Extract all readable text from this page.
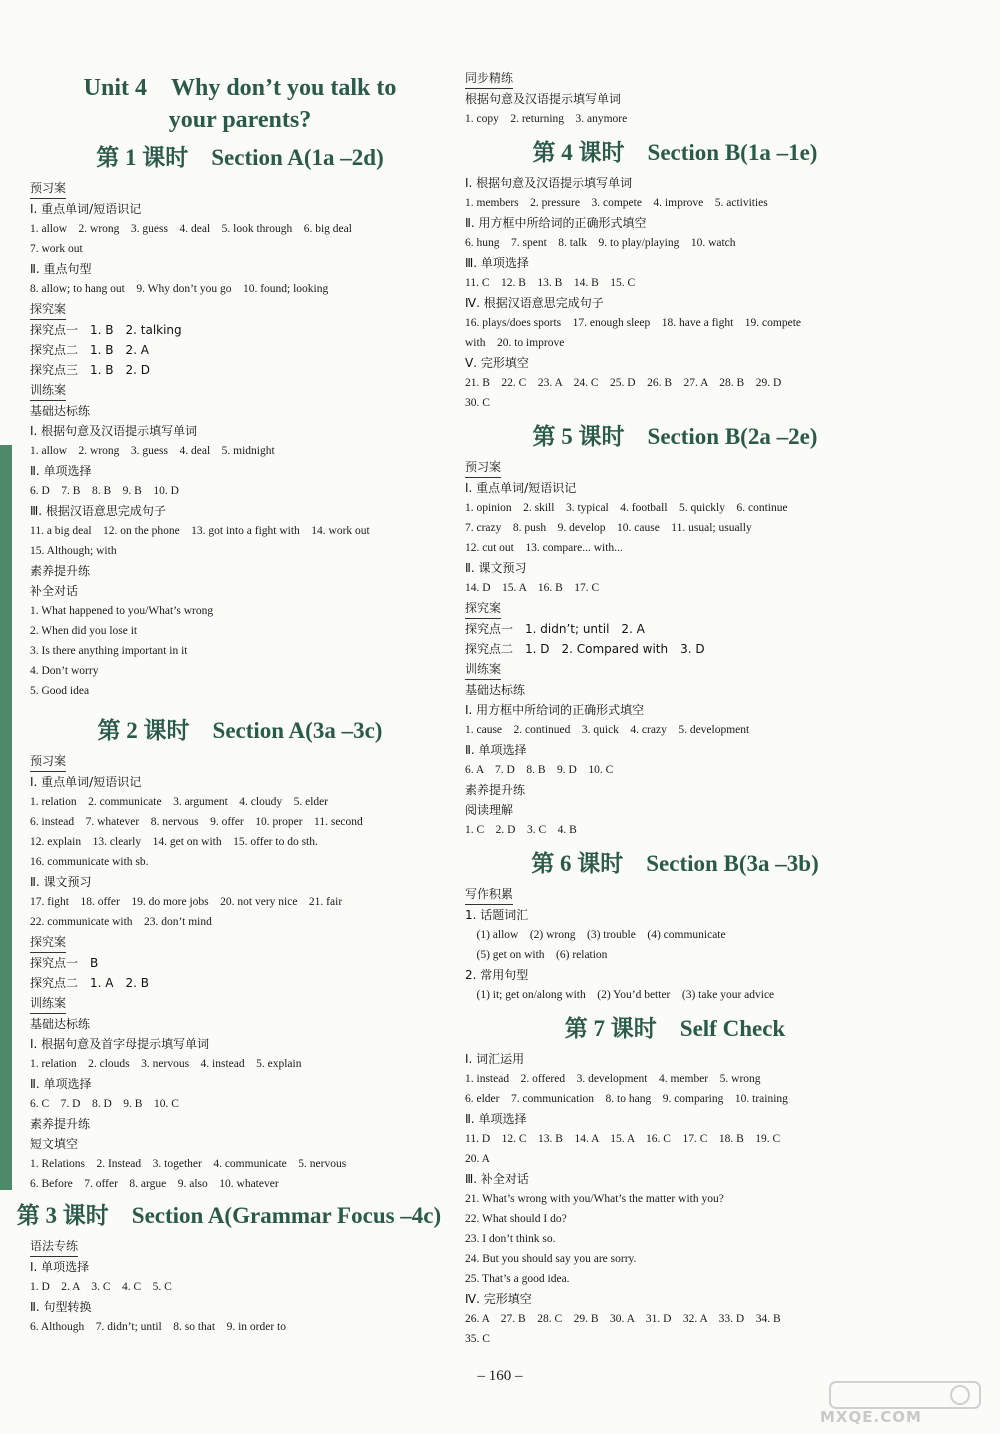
Unit 4　Why don’t you talk to
your parents?
第 1 课时　Section A(1a –2d)
预习案
Ⅰ. 重点单词/短语识记
1. allow　2. wrong　3. guess　4. deal　5. look through　6. big deal
7. work out
Ⅱ. 重点句型
8. allow; to hang out　9. Why don’t you go　10. found; looking
探究案
探究点一　1. B　2. talking
探究点二　1. B　2. A
探究点三　1. B　2. D
训练案
基础达标练
Ⅰ. 根据句意及汉语提示填写单词
1. allow　2. wrong　3. guess　4. deal　5. midnight
Ⅱ. 单项选择
6. D　7. B　8. B　9. B　10. D
Ⅲ. 根据汉语意思完成句子
11. a big deal　12. on the phone　13. got into a fight with　14. work out
15. Although; with
素养提升练
补全对话
1. What happened to you/What’s wrong
2. When did you lose it
3. Is there anything important in it
4. Don’t worry
5. Good idea
第 2 课时　Section A(3a –3c)
预习案
Ⅰ. 重点单词/短语识记
1. relation　2. communicate　3. argument　4. cloudy　5. elder
6. instead　7. whatever　8. nervous　9. offer　10. proper　11. second
12. explain　13. clearly　14. get on with　15. offer to do sth.
16. communicate with sb.
Ⅱ. 课文预习
17. fight　18. offer　19. do more jobs　20. not very nice　21. fair
22. communicate with　23. don’t mind
探究案
探究点一　B
探究点二　1. A　2. B
训练案
基础达标练
Ⅰ. 根据句意及首字母提示填写单词
1. relation　2. clouds　3. nervous　4. instead　5. explain
Ⅱ. 单项选择
6. C　7. D　8. D　9. B　10. C
素养提升练
短文填空
1. Relations　2. Instead　3. together　4. communicate　5. nervous
6. Before　7. offer　8. argue　9. also　10. whatever
第 3 课时　Section A(Grammar Focus –4c)
语法专练
Ⅰ. 单项选择
1. D　2. A　3. C　4. C　5. C
Ⅱ. 句型转换
6. Although　7. didn’t; until　8. so that　9. in order to
同步精练
根据句意及汉语提示填写单词
1. copy　2. returning　3. anymore
第 4 课时　Section B(1a –1e)
Ⅰ. 根据句意及汉语提示填写单词
1. members　2. pressure　3. compete　4. improve　5. activities
Ⅱ. 用方框中所给词的正确形式填空
6. hung　7. spent　8. talk　9. to play/playing　10. watch
Ⅲ. 单项选择
11. C　12. B　13. B　14. B　15. C
Ⅳ. 根据汉语意思完成句子
16. plays/does sports　17. enough sleep　18. have a fight　19. compete
with　20. to improve
Ⅴ. 完形填空
21. B　22. C　23. A　24. C　25. D　26. B　27. A　28. B　29. D
30. C
第 5 课时　Section B(2a –2e)
预习案
Ⅰ. 重点单词/短语识记
1. opinion　2. skill　3. typical　4. football　5. quickly　6. continue
7. crazy　8. push　9. develop　10. cause　11. usual; usually
12. cut out　13. compare... with...
Ⅱ. 课文预习
14. D　15. A　16. B　17. C
探究案
探究点一　1. didn’t; until　2. A
探究点二　1. D　2. Compared with　3. D
训练案
基础达标练
Ⅰ. 用方框中所给词的正确形式填空
1. cause　2. continued　3. quick　4. crazy　5. development
Ⅱ. 单项选择
6. A　7. D　8. B　9. D　10. C
素养提升练
阅读理解
1. C　2. D　3. C　4. B
第 6 课时　Section B(3a –3b)
写作积累
1. 话题词汇
　(1) allow　(2) wrong　(3) trouble　(4) communicate
　(5) get on with　(6) relation
2. 常用句型
　(1) it; get on/along with　(2) You’d better　(3) take your advice
第 7 课时　Self Check
Ⅰ. 词汇运用
1. instead　2. offered　3. development　4. member　5. wrong
6. elder　7. communication　8. to hang　9. comparing　10. training
Ⅱ. 单项选择
11. D　12. C　13. B　14. A　15. A　16. C　17. C　18. B　19. C
20. A
Ⅲ. 补全对话
21. What’s wrong with you/What’s the matter with you?
22. What should I do?
23. I don’t think so.
24. But you should say you are sorry.
25. That’s a good idea.
Ⅳ. 完形填空
26. A　27. B　28. C　29. B　30. A　31. D　32. A　33. D　34. B
35. C
– 160 –
MXQE.COM
